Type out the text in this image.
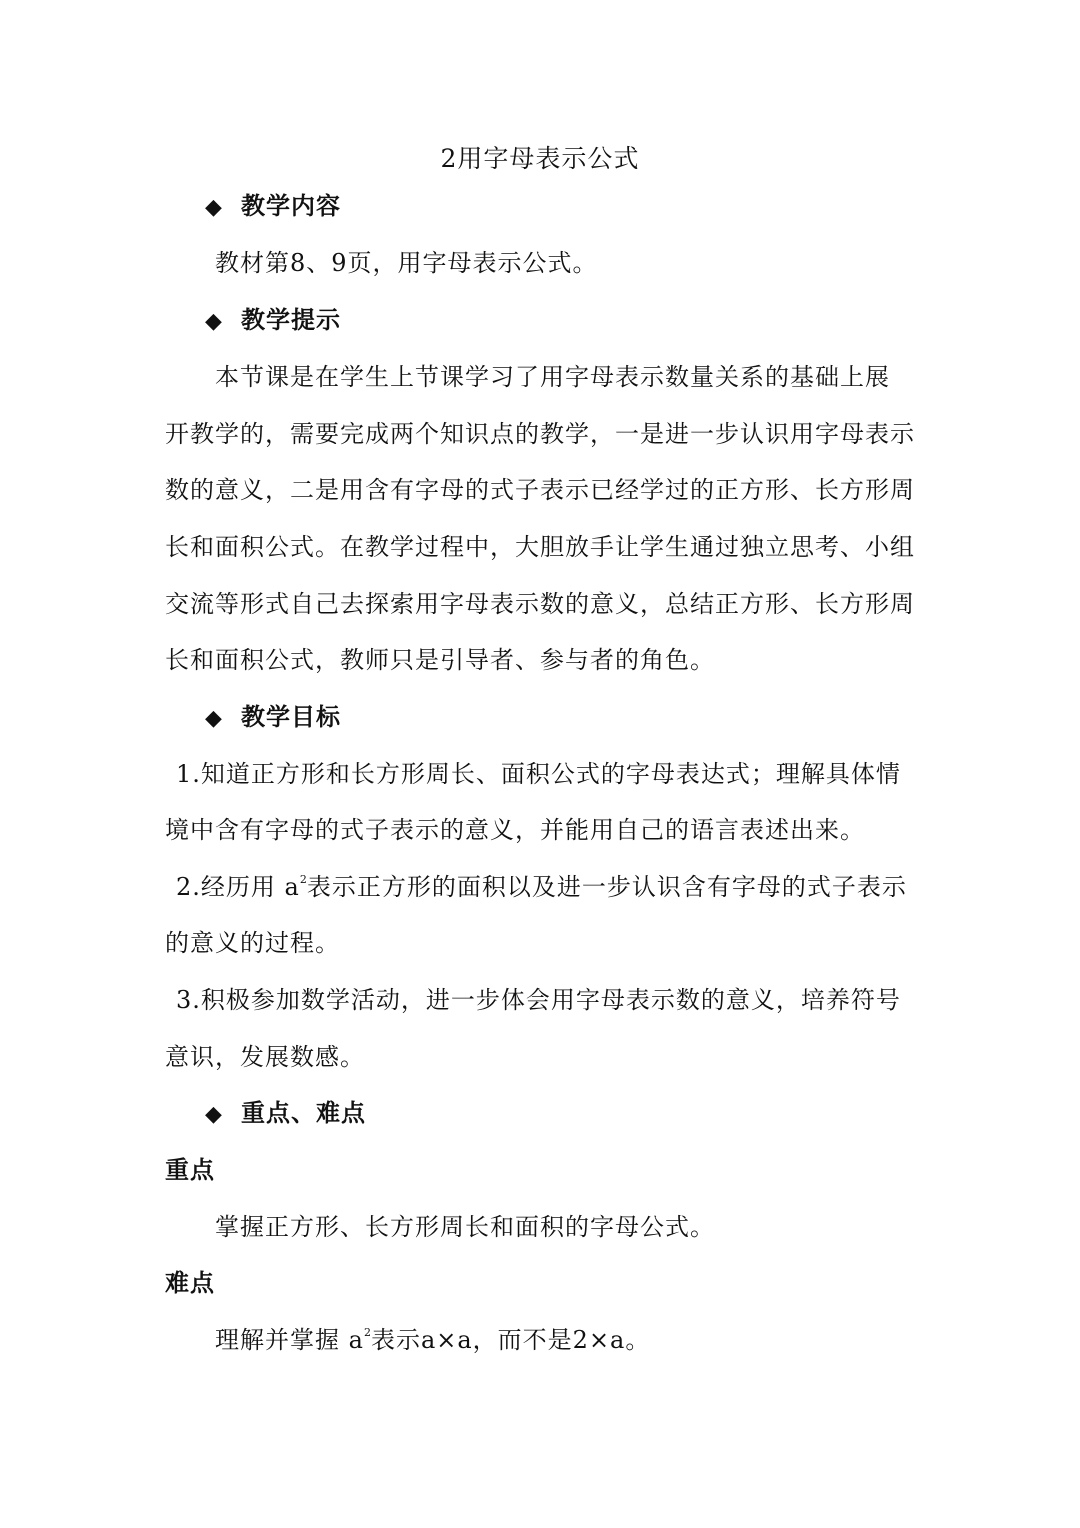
2用字母表示公式
◆ 教学内容
教材第8、9页，用字母表示公式。
◆ 教学提示
本节课是在学生上节课学习了用字母表示数量关系的基础上展
开教学的，需要完成两个知识点的教学，一是进一步认识用字母表示
数的意义，二是用含有字母的式子表示已经学过的正方形、长方形周
长和面积公式。在教学过程中，大胆放手让学生通过独立思考、小组
交流等形式自己去探索用字母表示数的意义，总结正方形、长方形周
长和面积公式，教师只是引导者、参与者的角色。
◆ 教学目标
1.知道正方形和长方形周长、面积公式的字母表达式；理解具体情
境中含有字母的式子表示的意义，并能用自己的语言表述出来。
2.经历用 $a^2$表示正方形的面积以及进一步认识含有字母的式子表示
的意义的过程。
3.积极参加数学活动，进一步体会用字母表示数的意义，培养符号
意识，发展数感。
◆ 重点、难点
重点
掌握正方形、长方形周长和面积的字母公式。
难点
理解并掌握 $a^2$表示a×a，而不是2×a。
